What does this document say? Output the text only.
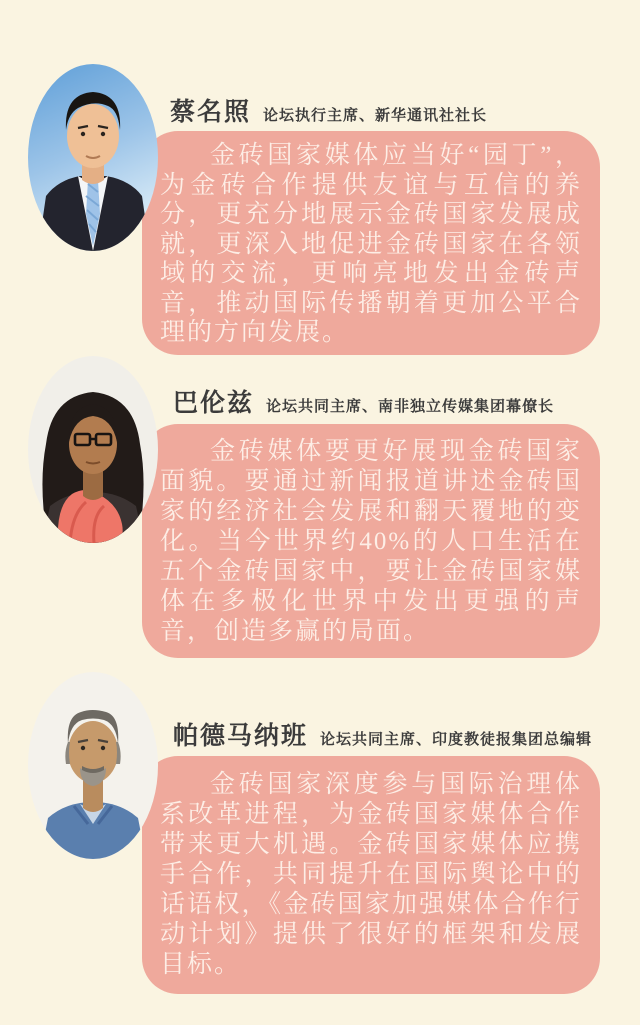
蔡名照 论坛执行主席、新华通讯社社长

金砖国家媒体应当好“园丁”，为金砖合作提供友谊与互信的养分，更充分地展示金砖国家发展成就，更深入地促进金砖国家在各领域的交流，更响亮地发出金砖声音，推动国际传播朝着更加公平合理的方向发展。

巴伦兹 论坛共同主席、南非独立传媒集团幕僚长

金砖媒体要更好展现金砖国家面貌。要通过新闻报道讲述金砖国家的经济社会发展和翻天覆地的变化。当今世界约40%的人口生活在五个金砖国家中，要让金砖国家媒体在多极化世界中发出更强的声音，创造多赢的局面。

帕德马纳班 论坛共同主席、印度教徒报集团总编辑

金砖国家深度参与国际治理体系改革进程，为金砖国家媒体合作带来更大机遇。金砖国家媒体应携手合作，共同提升在国际舆论中的话语权，《金砖国家加强媒体合作行动计划》提供了很好的框架和发展目标。
